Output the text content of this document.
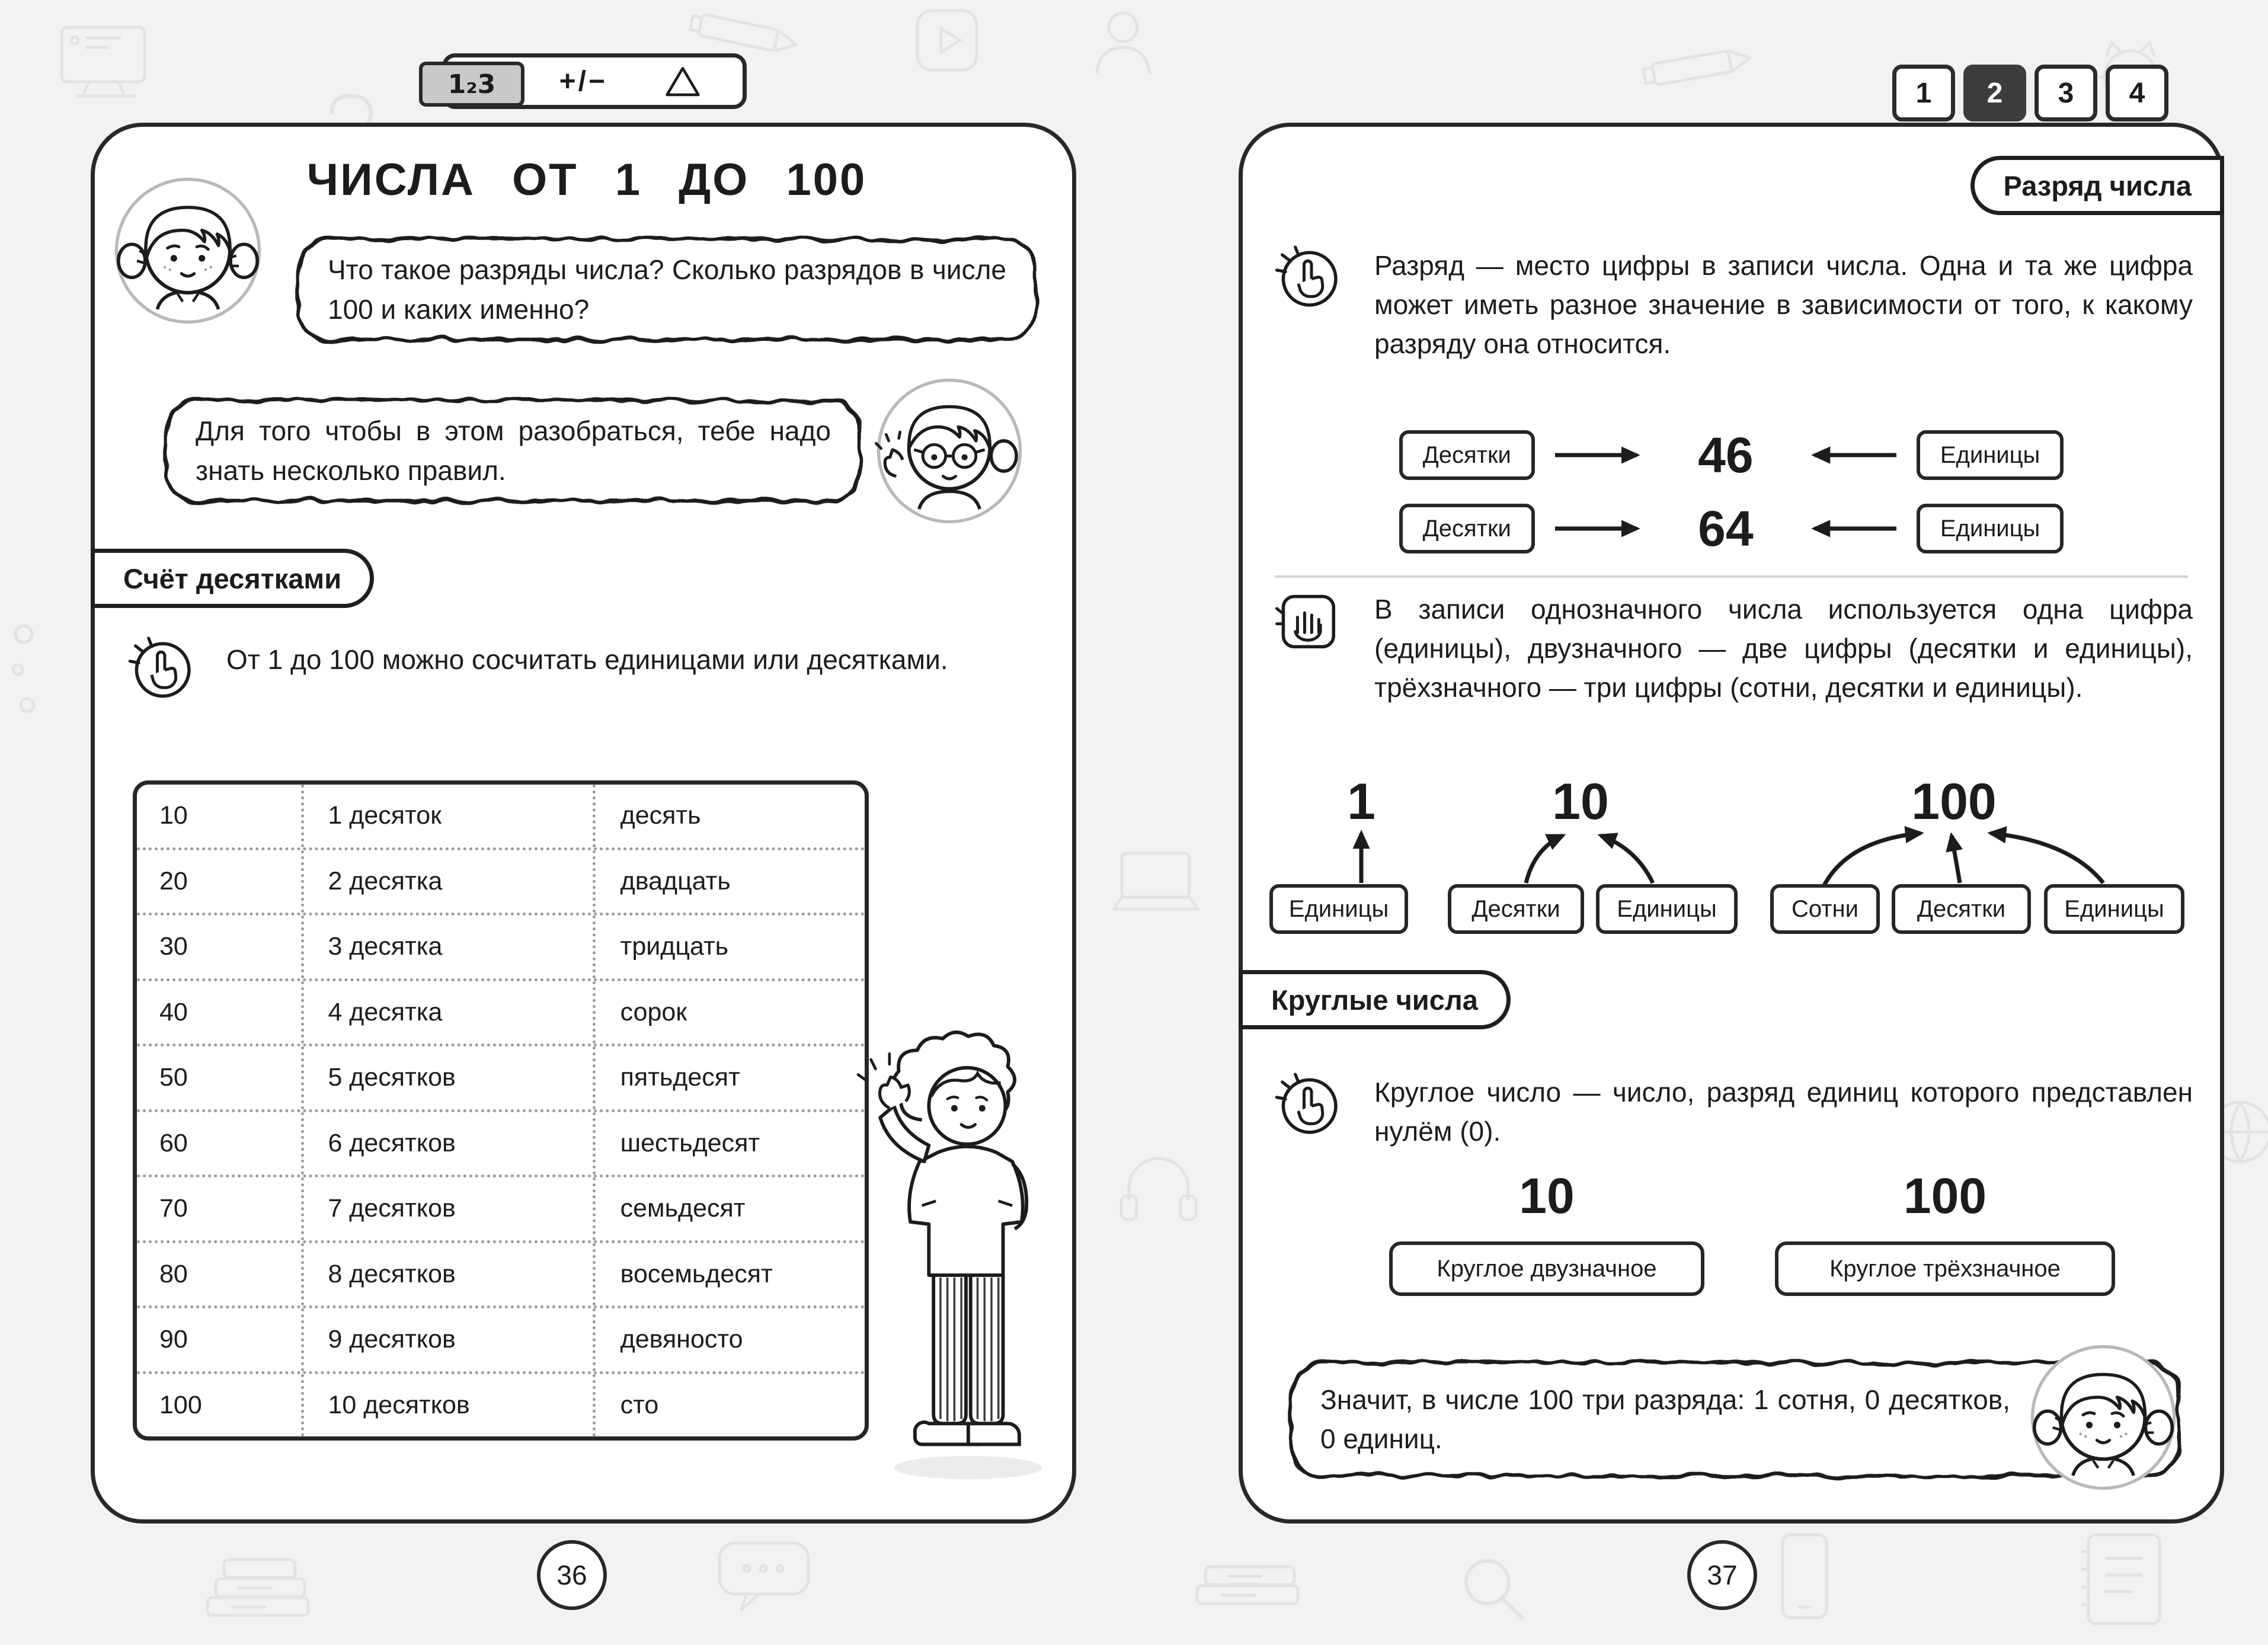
1₂3 +/−	1 2 3 4
ЧИСЛА ОТ 1 ДО 100
Что такое разряды числа? Сколько разрядов в числе 100 и каких именно?
Для того чтобы в этом разобраться, тебе надо знать несколько правил.
Счёт десятками

От 1 до 100 можно сосчитать единицами или десятками.

10	1 десяток	десять
20	2 десятка	двадцать
30	3 десятка	тридцать
40	4 десятка	сорок
50	5 десятков	пятьдесят
60	6 десятков	шестьдесят
70	7 десятков	семьдесят
80	8 десятков	восемьдесят
90	9 десятков	девяносто
100	10 десятков	сто
Разряд числа

Разряд — место цифры в записи числа. Одна и та же цифра может иметь разное значение в зависимости от того, к какому разряду она относится.

Десятки	46	Единицы
Десятки	64	Единицы

В записи однозначного числа используется одна цифра (единицы), двузначного — две цифры (десятки и единицы), трёхзначного — три цифры (сотни, десятки и единицы).

1	10	100
Единицы	Десятки	Единицы	Сотни	Десятки	Единицы
Круглые числа

Круглое число — число, разряд единиц которого представлен нулём (0).

10
Круглое двузначное
100
Круглое трёхзначное
Значит, в числе 100 три разряда: 1 сотня, 0 десятков, 0 единиц.
36	37
